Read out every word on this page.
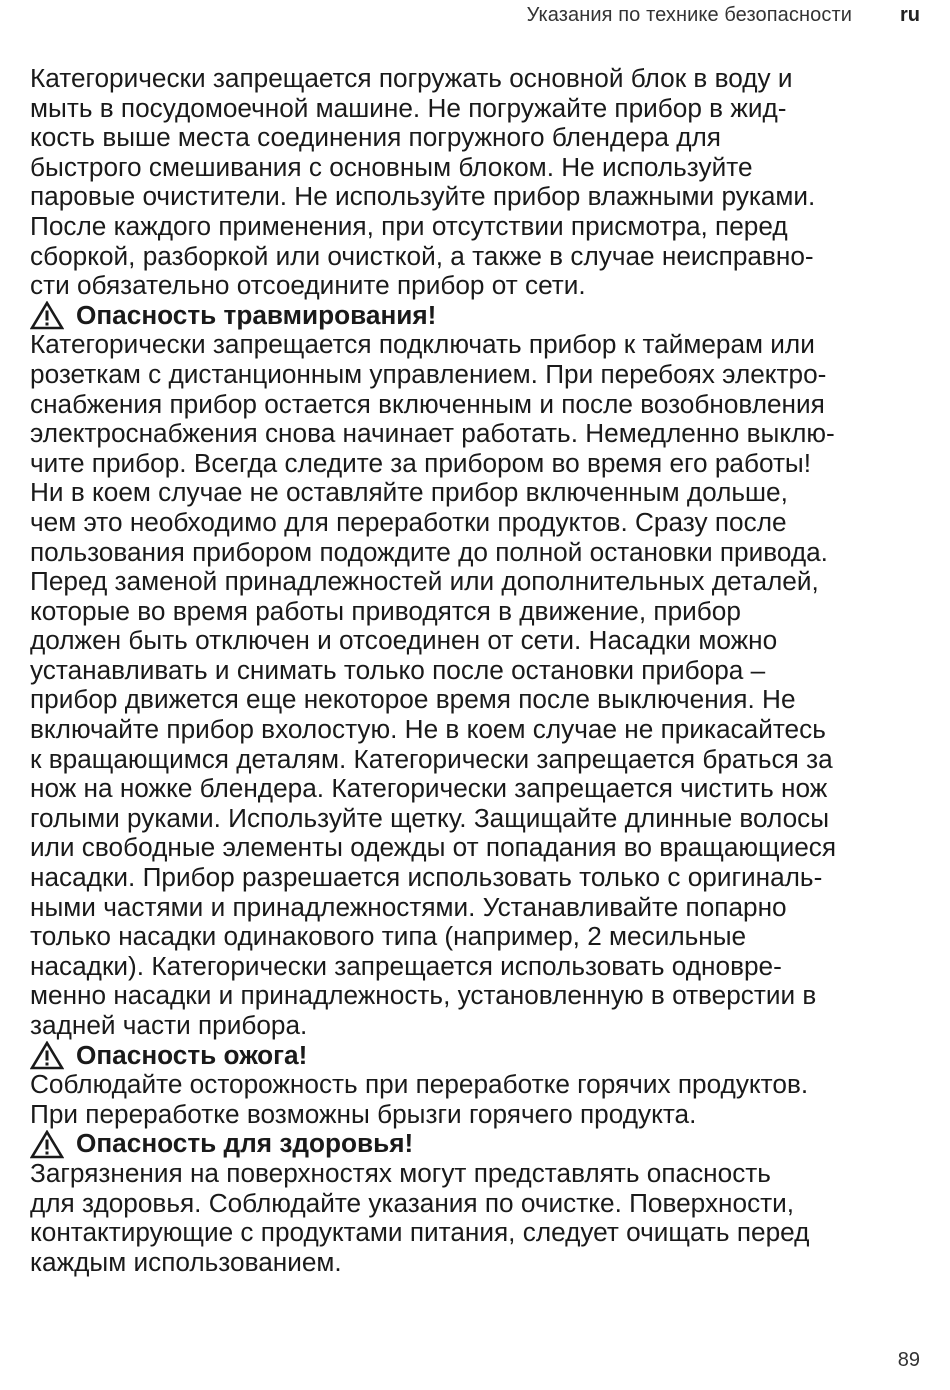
Указания по технике безопасности ru
Категорически запрещается погружать основной блок в воду и
мыть в посудомоечной машине. Не погружайте прибор в жид-
кость выше места соединения погружного блендера для
быстрого смешивания с основным блоком. Не используйте
паровые очистители. Не используйте прибор влажными руками.
После каждого применения, при отсутствии присмотра, перед
сборкой, разборкой или очисткой, а также в случае неисправно-
сти обязательно отсоедините прибор от сети.
Опасность травмирования!
Категорически запрещается подключать прибор к таймерам или
розеткам с дистанционным управлением. При перебоях электро-
снабжения прибор остается включенным и после возобновления
электроснабжения снова начинает работать. Немедленно выклю-
чите прибор. Всегда следите за прибором во время его работы!
Ни в коем случае не оставляйте прибор включенным дольше,
чем это необходимо для переработки продуктов. Сразу после
пользования прибором подождите до полной остановки привода.
Перед заменой принадлежностей или дополнительных деталей,
которые во время работы приводятся в движение, прибор
должен быть отключен и отсоединен от сети. Насадки можно
устанавливать и снимать только после остановки прибора –
прибор движется еще некоторое время после выключения. Не
включайте прибор вхолостую. Не в коем случае не прикасайтесь
к вращающимся деталям. Категорически запрещается браться за
нож на ножке блендера. Категорически запрещается чистить нож
голыми руками. Используйте щетку. Защищайте длинные волосы
или свободные элементы одежды от попадания во вращающиеся
насадки. Прибор разрешается использовать только с оригиналь-
ными частями и принадлежностями. Устанавливайте попарно
только насадки одинакового типа (например, 2 месильные
насадки). Категорически запрещается использовать одновре-
менно насадки и принадлежность, установленную в отверстии в
задней части прибора.
Опасность ожога!
Соблюдайте осторожность при переработке горячих продуктов.
При переработке возможны брызги горячего продукта.
Опасность для здоровья!
Загрязнения на поверхностях могут представлять опасность
для здоровья. Соблюдайте указания по очистке. Поверхности,
контактирующие с продуктами питания, следует очищать перед
каждым использованием.
89
